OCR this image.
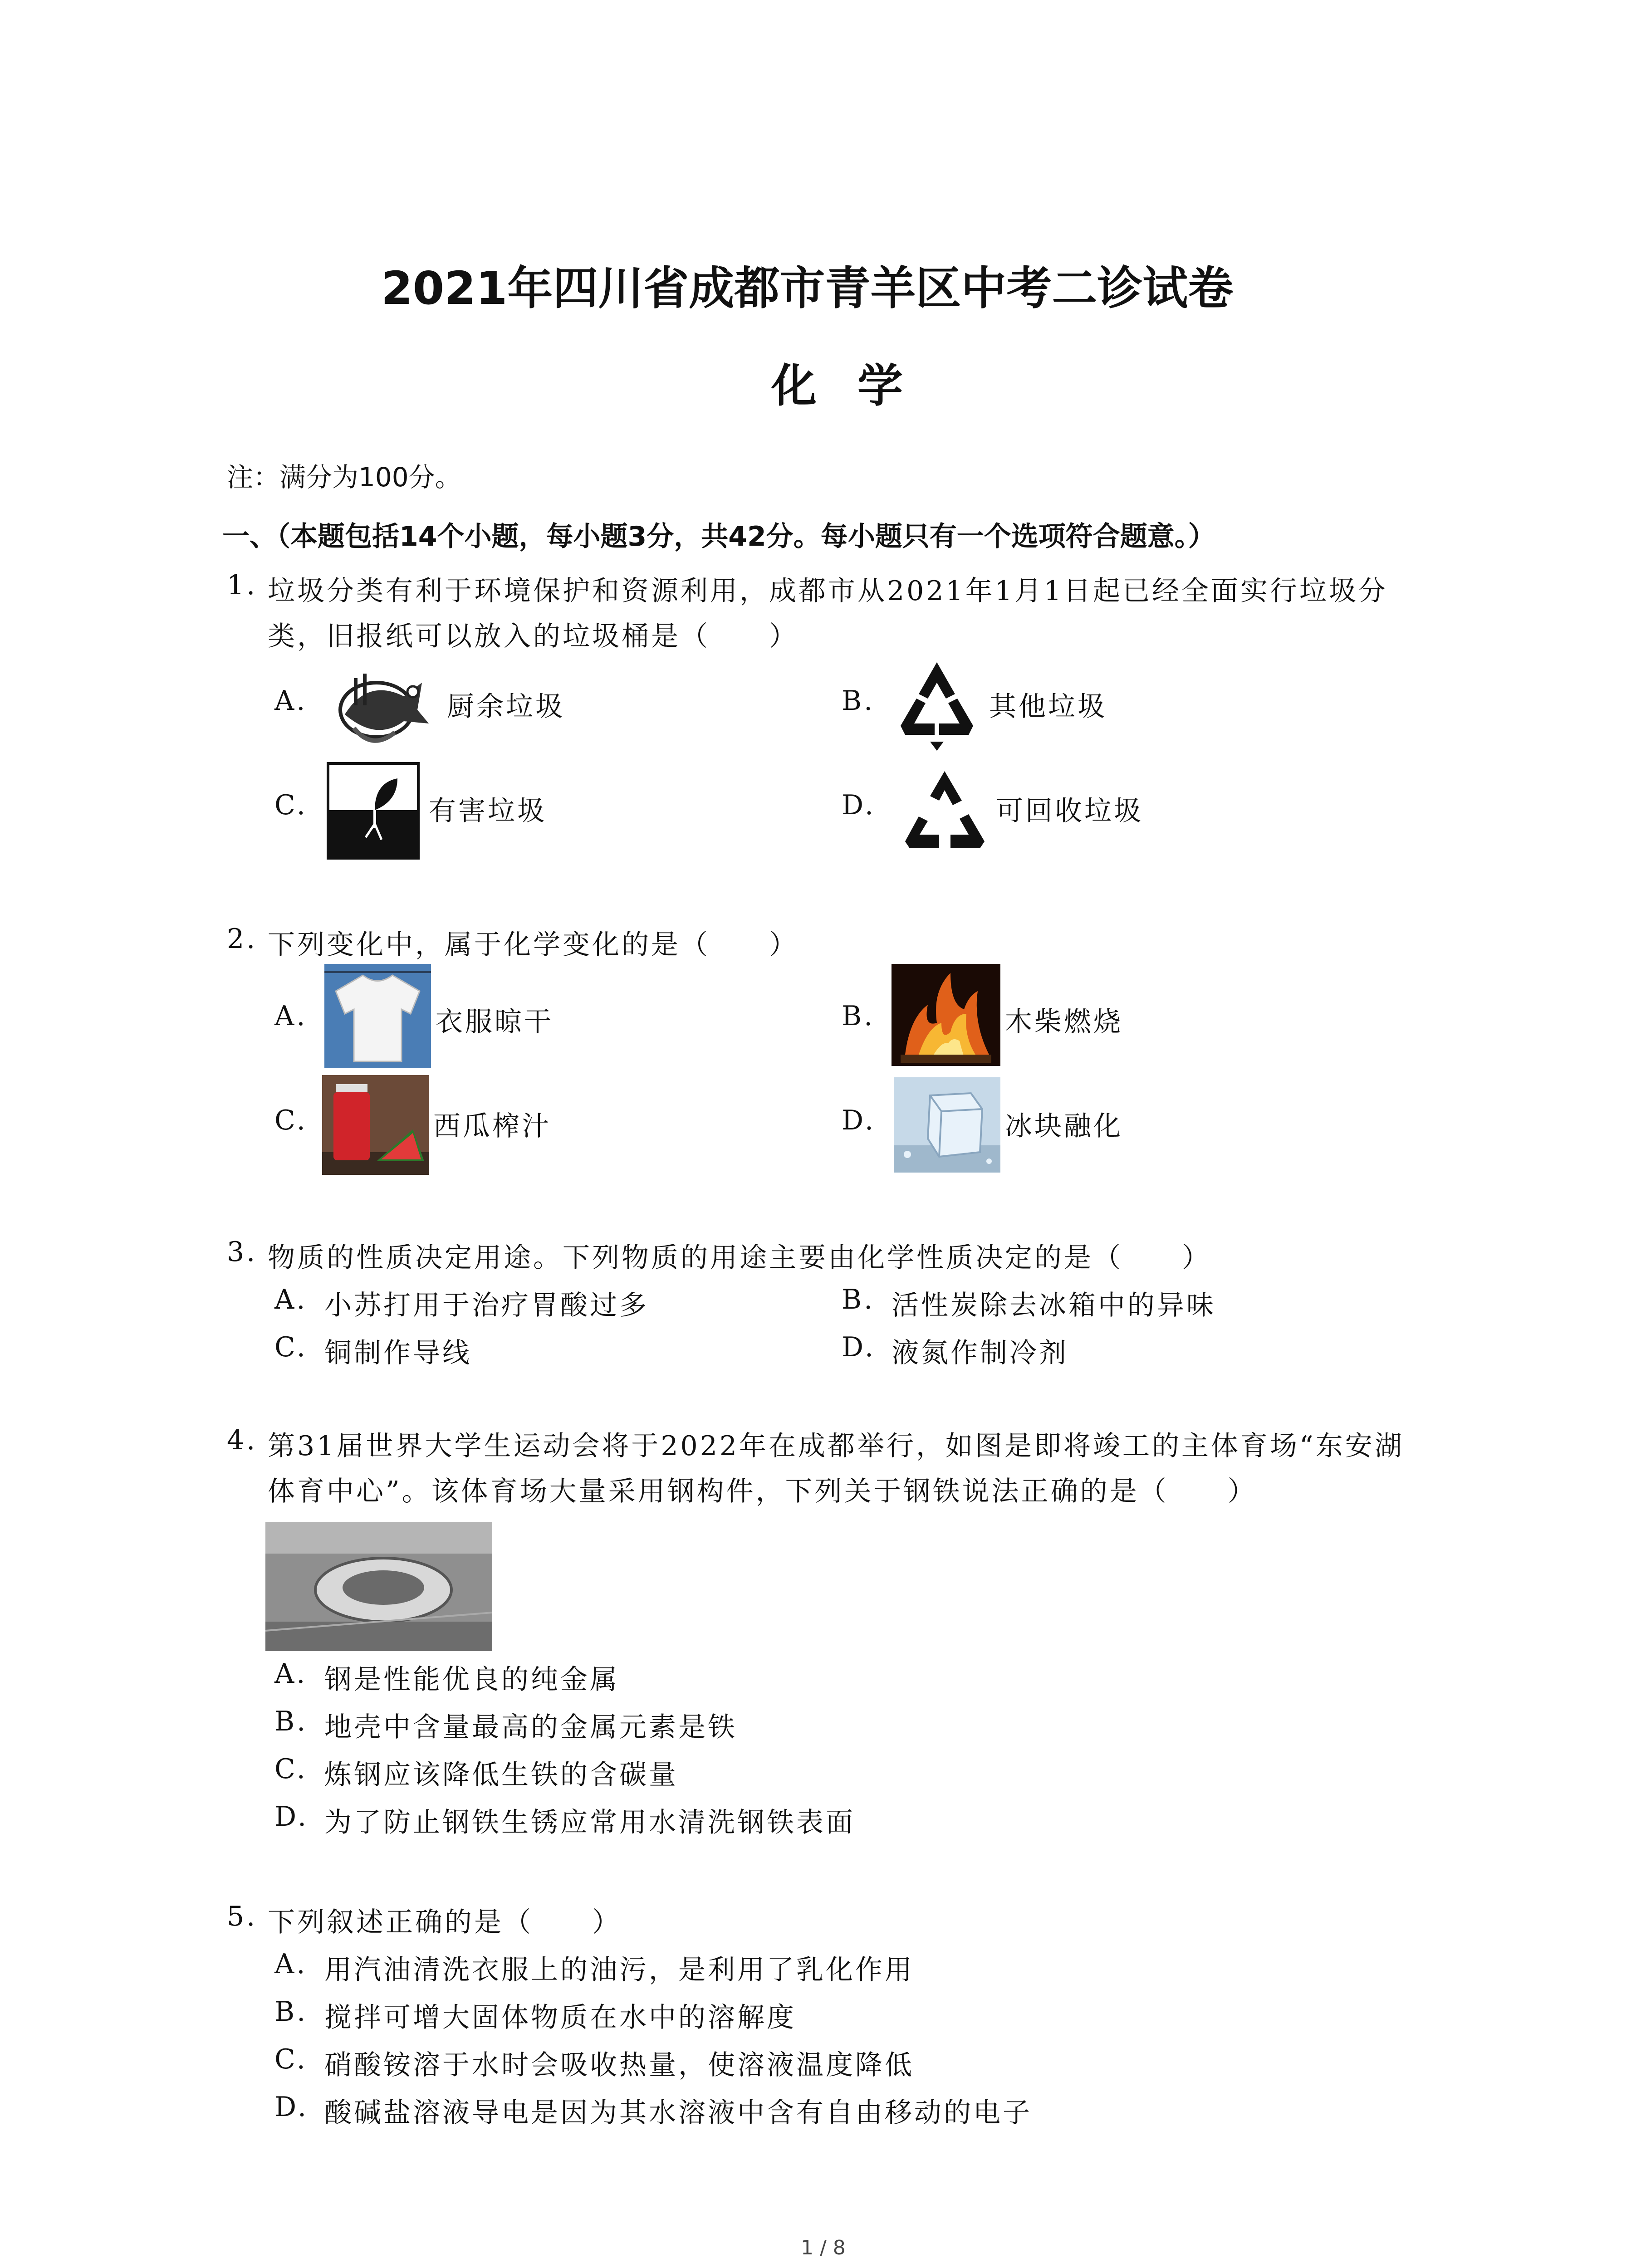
2021年四川省成都市青羊区中考二诊试卷
化学
注：满分为100分。
一、（本题包括14个小题，每小题3分，共42分。每小题只有一个选项符合题意。）
1. 垃圾分类有利于环境保护和资源利用，成都市从2021年1月1日起已经全面实行垃圾分
类，旧报纸可以放入的垃圾桶是（　　）
A.	厨余垃圾	B.	其他垃圾
C.	有害垃圾	D.	可回收垃圾
2. 下列变化中，属于化学变化的是（　　）
A.	衣服晾干	B.	木柴燃烧
C.	西瓜榨汁	D.	冰块融化
3. 物质的性质决定用途。下列物质的用途主要由化学性质决定的是（　　）
A. 小苏打用于治疗胃酸过多	B. 活性炭除去冰箱中的异味
C. 铜制作导线	D. 液氮作制冷剂
4. 第31届世界大学生运动会将于2022年在成都举行，如图是即将竣工的主体育场“东安湖
体育中心”。该体育场大量采用钢构件，下列关于钢铁说法正确的是（　　）
A. 钢是性能优良的纯金属
B. 地壳中含量最高的金属元素是铁
C. 炼钢应该降低生铁的含碳量
D. 为了防止钢铁生锈应常用水清洗钢铁表面
5. 下列叙述正确的是（　　）
A. 用汽油清洗衣服上的油污，是利用了乳化作用
B. 搅拌可增大固体物质在水中的溶解度
C. 硝酸铵溶于水时会吸收热量，使溶液温度降低
D. 酸碱盐溶液导电是因为其水溶液中含有自由移动的电子
1 / 8
